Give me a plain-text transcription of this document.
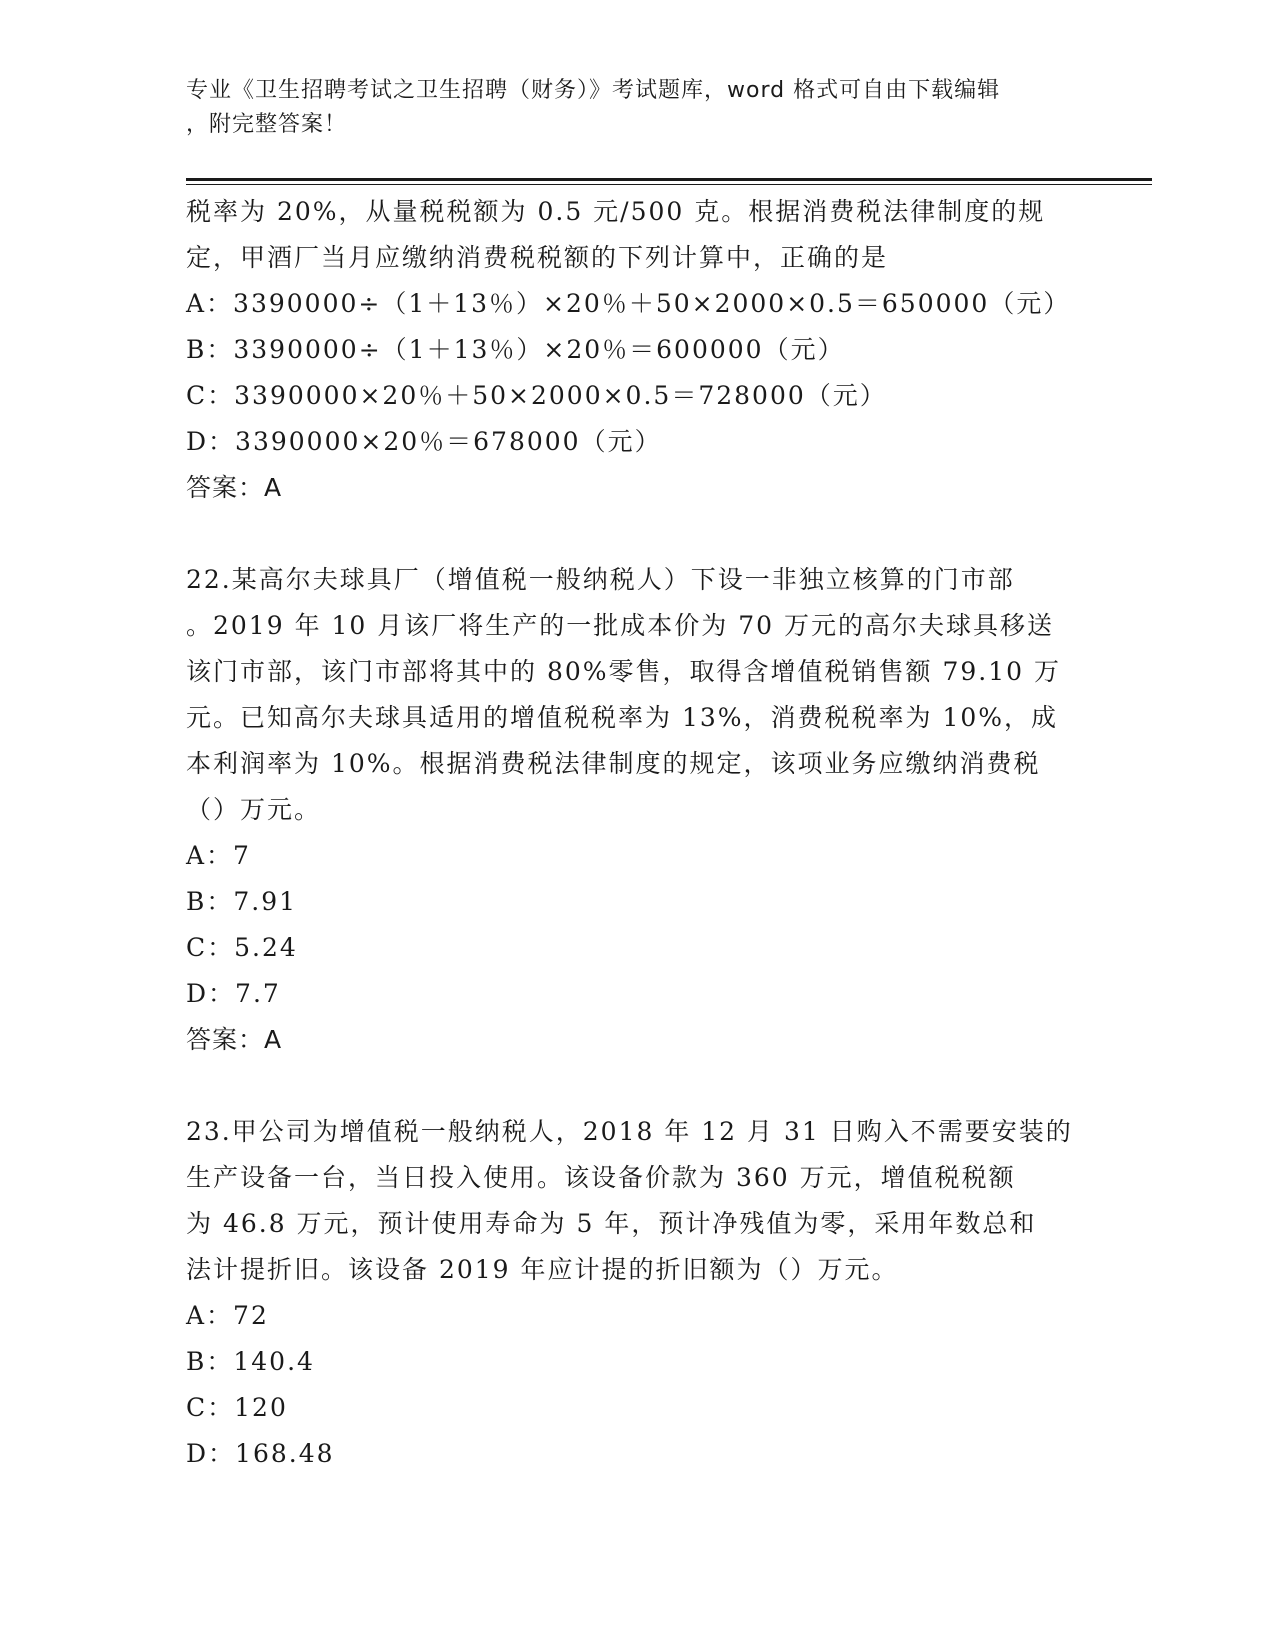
专业《卫生招聘考试之卫生招聘（财务）》考试题库，word 格式可自由下载编辑
，附完整答案！

税率为 20%，从量税税额为 0.5 元/500 克。根据消费税法律制度的规

定，甲酒厂当月应缴纳消费税税额的下列计算中，正确的是

A：3390000÷（1＋13％）×20％＋50×2000×0.5＝650000（元）

B：3390000÷（1＋13％）×20％＝600000（元）

C：3390000×20％＋50×2000×0.5＝728000（元）

D：3390000×20％＝678000（元）

答案：A

22.某高尔夫球具厂（增值税一般纳税人）下设一非独立核算的门市部

。2019 年 10 月该厂将生产的一批成本价为 70 万元的高尔夫球具移送

该门市部，该门市部将其中的 80%零售，取得含增值税销售额 79.10 万

元。已知高尔夫球具适用的增值税税率为 13%，消费税税率为 10%，成

本利润率为 10%。根据消费税法律制度的规定，该项业务应缴纳消费税

（）万元。

A：7

B：7.91

C：5.24

D：7.7

答案：A

23.甲公司为增值税一般纳税人，2018 年 12 月 31 日购入不需要安装的

生产设备一台，当日投入使用。该设备价款为 360 万元，增值税税额

为 46.8 万元，预计使用寿命为 5 年，预计净残值为零，采用年数总和

法计提折旧。该设备 2019 年应计提的折旧额为（）万元。

A：72

B：140.4

C：120

D：168.48
